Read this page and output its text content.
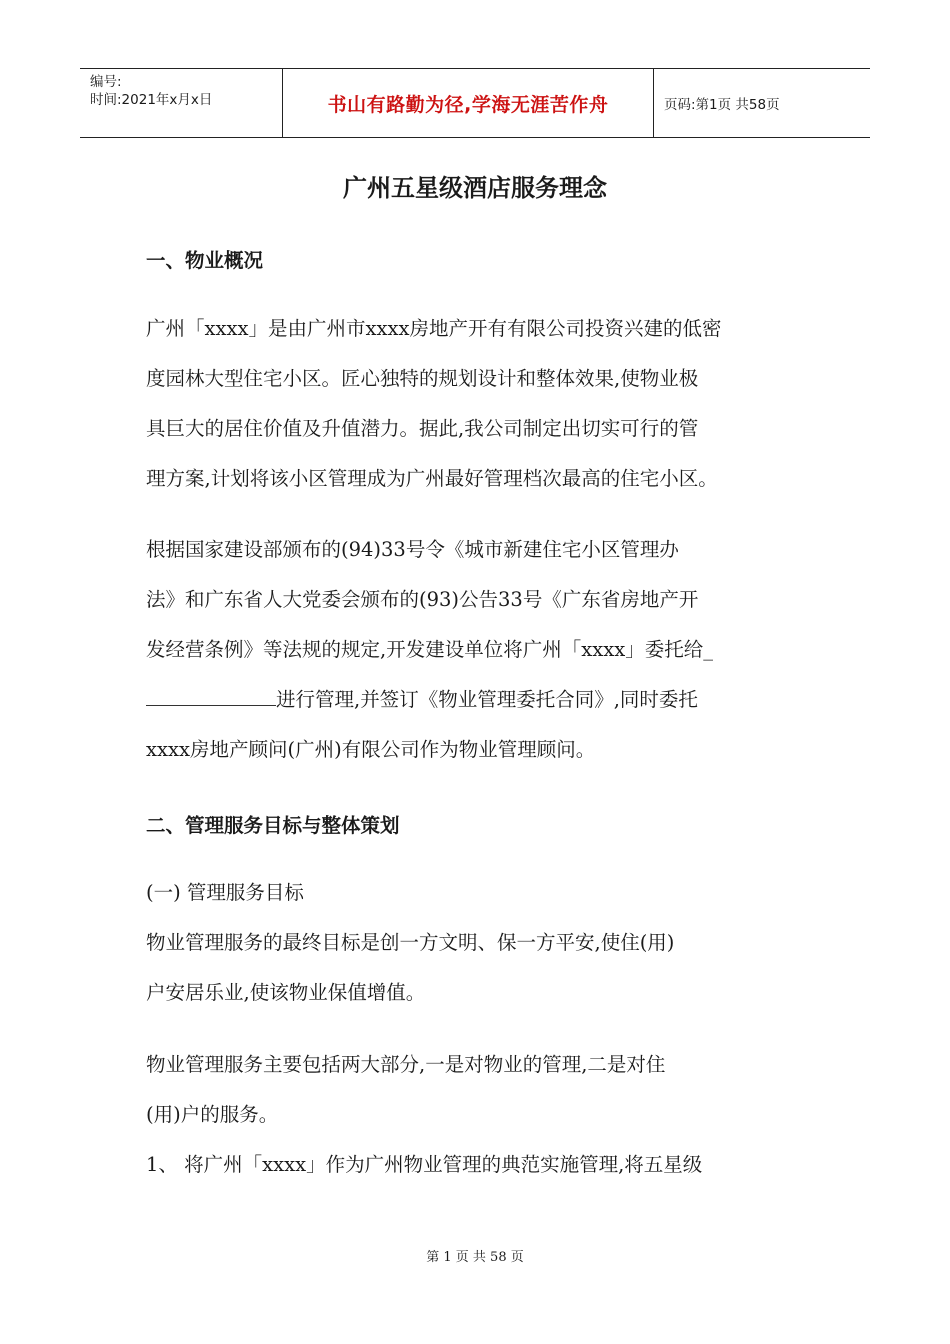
编号:
时间:2021年x月x日	书山有路勤为径,学海无涯苦作舟	页码:第1页 共58页
广州五星级酒店服务理念
一、物业概况
广州「xxxx」是由广州市xxxx房地产开有有限公司投资兴建的低密
度园林大型住宅小区。匠心独特的规划设计和整体效果,使物业极
具巨大的居住价值及升值潜力。据此,我公司制定出切实可行的管
理方案,计划将该小区管理成为广州最好管理档次最高的住宅小区。
根据国家建设部颁布的(94)33号令《城市新建住宅小区管理办
法》和广东省人大党委会颁布的(93)公告33号《广东省房地产开
发经营条例》等法规的规定,开发建设单位将广州「xxxx」委托给_
进行管理,并签订《物业管理委托合同》,同时委托
xxxx房地产顾问(广州)有限公司作为物业管理顾问。
二、管理服务目标与整体策划
(一) 管理服务目标
物业管理服务的最终目标是创一方文明、保一方平安,使住(用)
户安居乐业,使该物业保值增值。
物业管理服务主要包括两大部分,一是对物业的管理,二是对住
(用)户的服务。
1、 将广州「xxxx」作为广州物业管理的典范实施管理,将五星级
第 1 页 共 58 页
